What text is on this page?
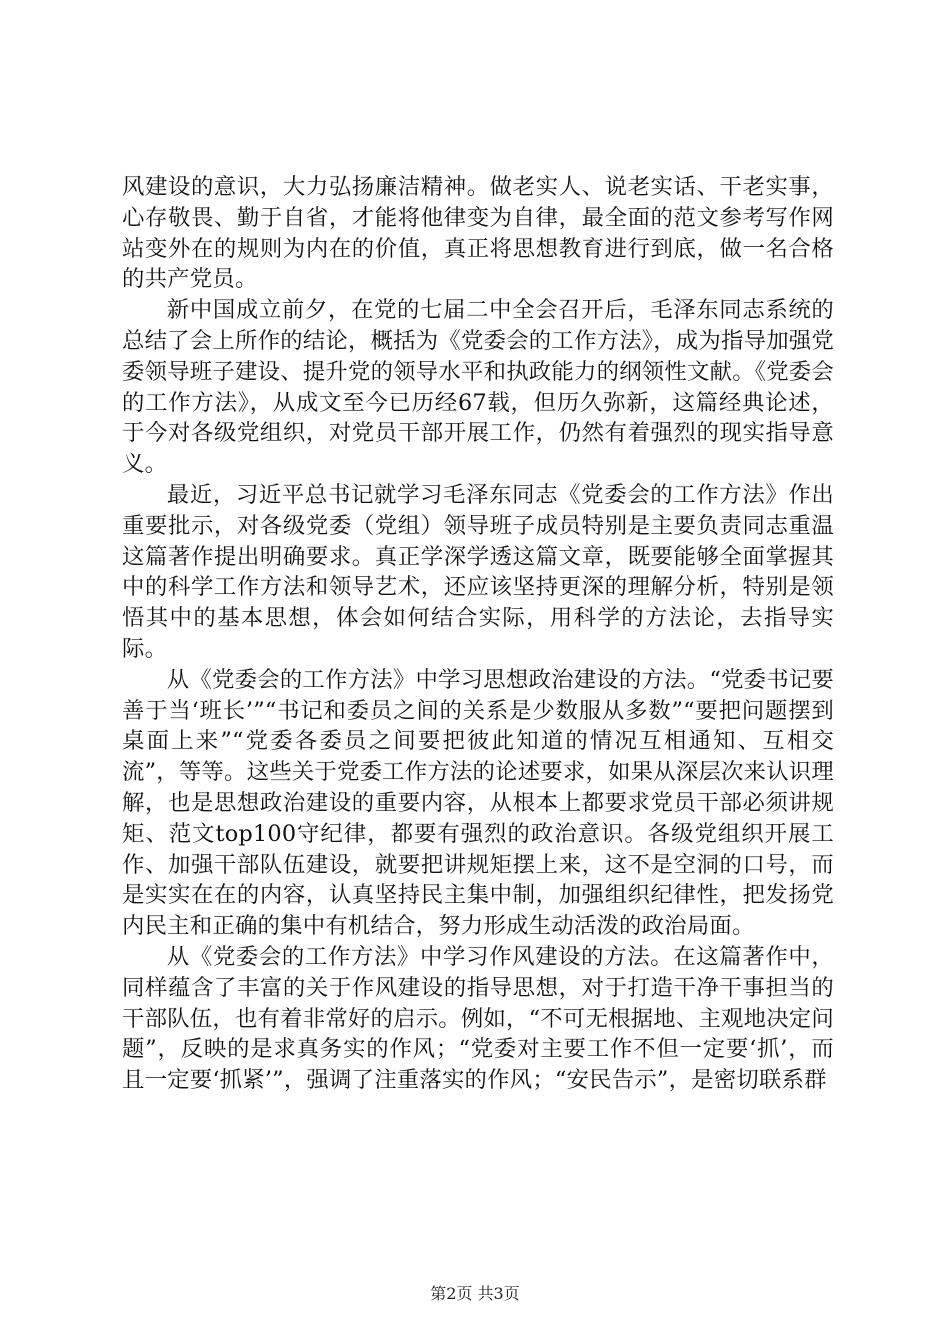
风建设的意识，大力弘扬廉洁精神。做老实人、说老实话、干老实事，心存敬畏、勤于自省，才能将他律变为自律，最全面的范文参考写作网站变外在的规则为内在的价值，真正将思想教育进行到底，做一名合格的共产党员。

新中国成立前夕，在党的七届二中全会召开后，毛泽东同志系统的总结了会上所作的结论，概括为《党委会的工作方法》，成为指导加强党委领导班子建设、提升党的领导水平和执政能力的纲领性文献。《党委会的工作方法》，从成文至今已历经67载，但历久弥新，这篇经典论述，于今对各级党组织，对党员干部开展工作，仍然有着强烈的现实指导意义。

最近，习近平总书记就学习毛泽东同志《党委会的工作方法》作出重要批示，对各级党委（党组）领导班子成员特别是主要负责同志重温这篇著作提出明确要求。真正学深学透这篇文章，既要能够全面掌握其中的科学工作方法和领导艺术，还应该坚持更深的理解分析，特别是领悟其中的基本思想，体会如何结合实际，用科学的方法论，去指导实际。

从《党委会的工作方法》中学习思想政治建设的方法。“党委书记要善于当‘班长’”“书记和委员之间的关系是少数服从多数”“要把问题摆到桌面上来”“党委各委员之间要把彼此知道的情况互相通知、互相交流”，等等。这些关于党委工作方法的论述要求，如果从深层次来认识理解，也是思想政治建设的重要内容，从根本上都要求党员干部必须讲规矩、范文top100守纪律，都要有强烈的政治意识。各级党组织开展工作、加强干部队伍建设，就要把讲规矩摆上来，这不是空洞的口号，而是实实在在的内容，认真坚持民主集中制，加强组织纪律性，把发扬党内民主和正确的集中有机结合，努力形成生动活泼的政治局面。

从《党委会的工作方法》中学习作风建设的方法。在这篇著作中，同样蕴含了丰富的关于作风建设的指导思想，对于打造干净干事担当的干部队伍，也有着非常好的启示。例如，“不可无根据地、主观地决定问题”，反映的是求真务实的作风；“党委对主要工作不但一定要‘抓’，而且一定要‘抓紧’”，强调了注重落实的作风；“安民告示”，是密切联系群

第2页 共3页
